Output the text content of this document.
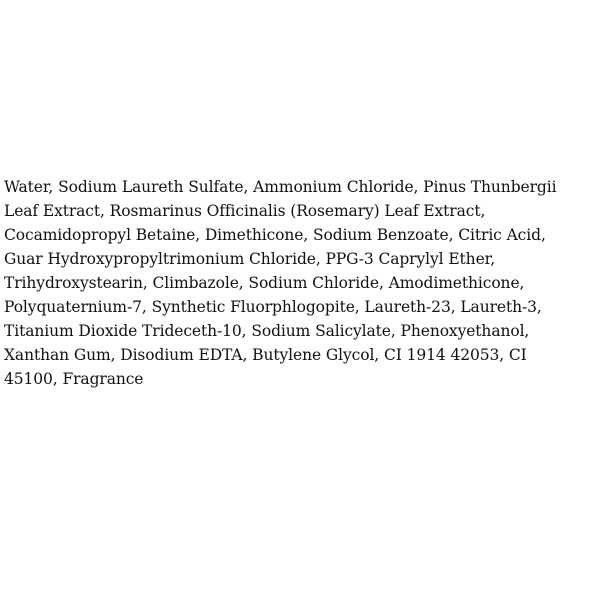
Water, Sodium Laureth Sulfate, Ammonium Chloride, Pinus Thunbergii
Leaf Extract, Rosmarinus Officinalis (Rosemary) Leaf Extract,
Cocamidopropyl Betaine, Dimethicone, Sodium Benzoate, Citric Acid,
Guar Hydroxypropyltrimonium Chloride, PPG-3 Caprylyl Ether,
Trihydroxystearin, Climbazole, Sodium Chloride, Amodimethicone,
Polyquaternium-7, Synthetic Fluorphlogopite, Laureth-23, Laureth-3,
Titanium Dioxide Trideceth-10, Sodium Salicylate, Phenoxyethanol,
Xanthan Gum, Disodium EDTA, Butylene Glycol, CI 1914 42053, CI
45100, Fragrance
